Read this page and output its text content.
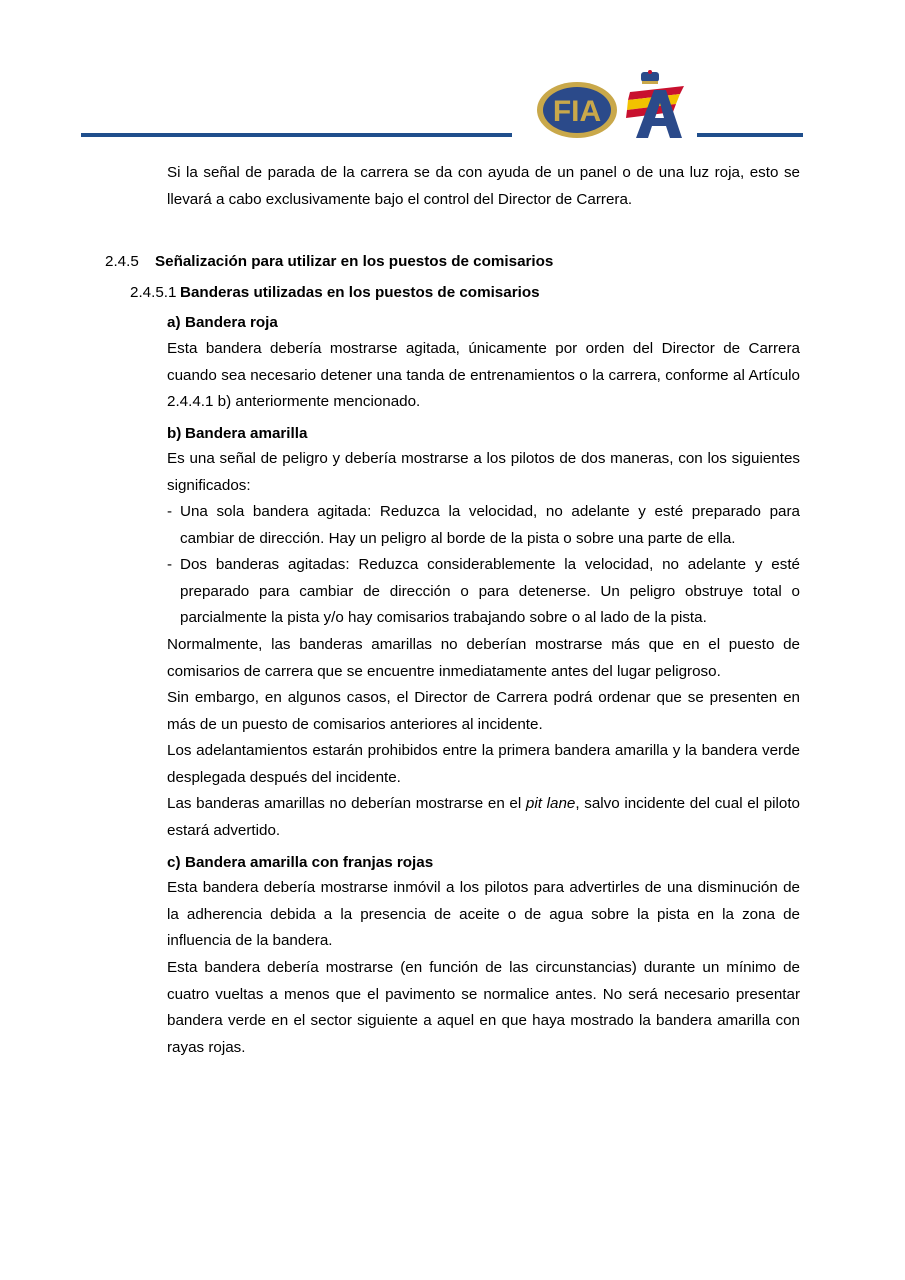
FIA
A
Si la señal de parada de la carrera se da con ayuda de un panel o de una luz roja, esto se llevará a cabo exclusivamente bajo el control del Director de Carrera.
2.4.5 Señalización para utilizar en los puestos de comisarios
2.4.5.1 Banderas utilizadas en los puestos de comisarios
a) Bandera roja
Esta bandera debería mostrarse agitada, únicamente por orden del Director de Carrera cuando sea necesario detener una tanda de entrenamientos o la carrera, conforme al Artículo 2.4.4.1 b) anteriormente mencionado.
b) Bandera amarilla
Es una señal de peligro y debería mostrarse a los pilotos de dos maneras, con los siguientes significados:
- Una sola bandera agitada: Reduzca la velocidad, no adelante y esté preparado para cambiar de dirección. Hay un peligro al borde de la pista o sobre una parte de ella.
- Dos banderas agitadas: Reduzca considerablemente la velocidad, no adelante y esté preparado para cambiar de dirección o para detenerse. Un peligro obstruye total o parcialmente la pista y/o hay comisarios trabajando sobre o al lado de la pista.
Normalmente, las banderas amarillas no deberían mostrarse más que en el puesto de comisarios de carrera que se encuentre inmediatamente antes del lugar peligroso.
Sin embargo, en algunos casos, el Director de Carrera podrá ordenar que se presenten en más de un puesto de comisarios anteriores al incidente.
Los adelantamientos estarán prohibidos entre la primera bandera amarilla y la bandera verde desplegada después del incidente.
Las banderas amarillas no deberían mostrarse en el pit lane, salvo incidente del cual el piloto estará advertido.
c) Bandera amarilla con franjas rojas
Esta bandera debería mostrarse inmóvil a los pilotos para advertirles de una disminución de la adherencia debida a la presencia de aceite o de agua sobre la pista en la zona de influencia de la bandera.
Esta bandera debería mostrarse (en función de las circunstancias) durante un mínimo de cuatro vueltas a menos que el pavimento se normalice antes. No será necesario presentar bandera verde en el sector siguiente a aquel en que haya mostrado la bandera amarilla con rayas rojas.
